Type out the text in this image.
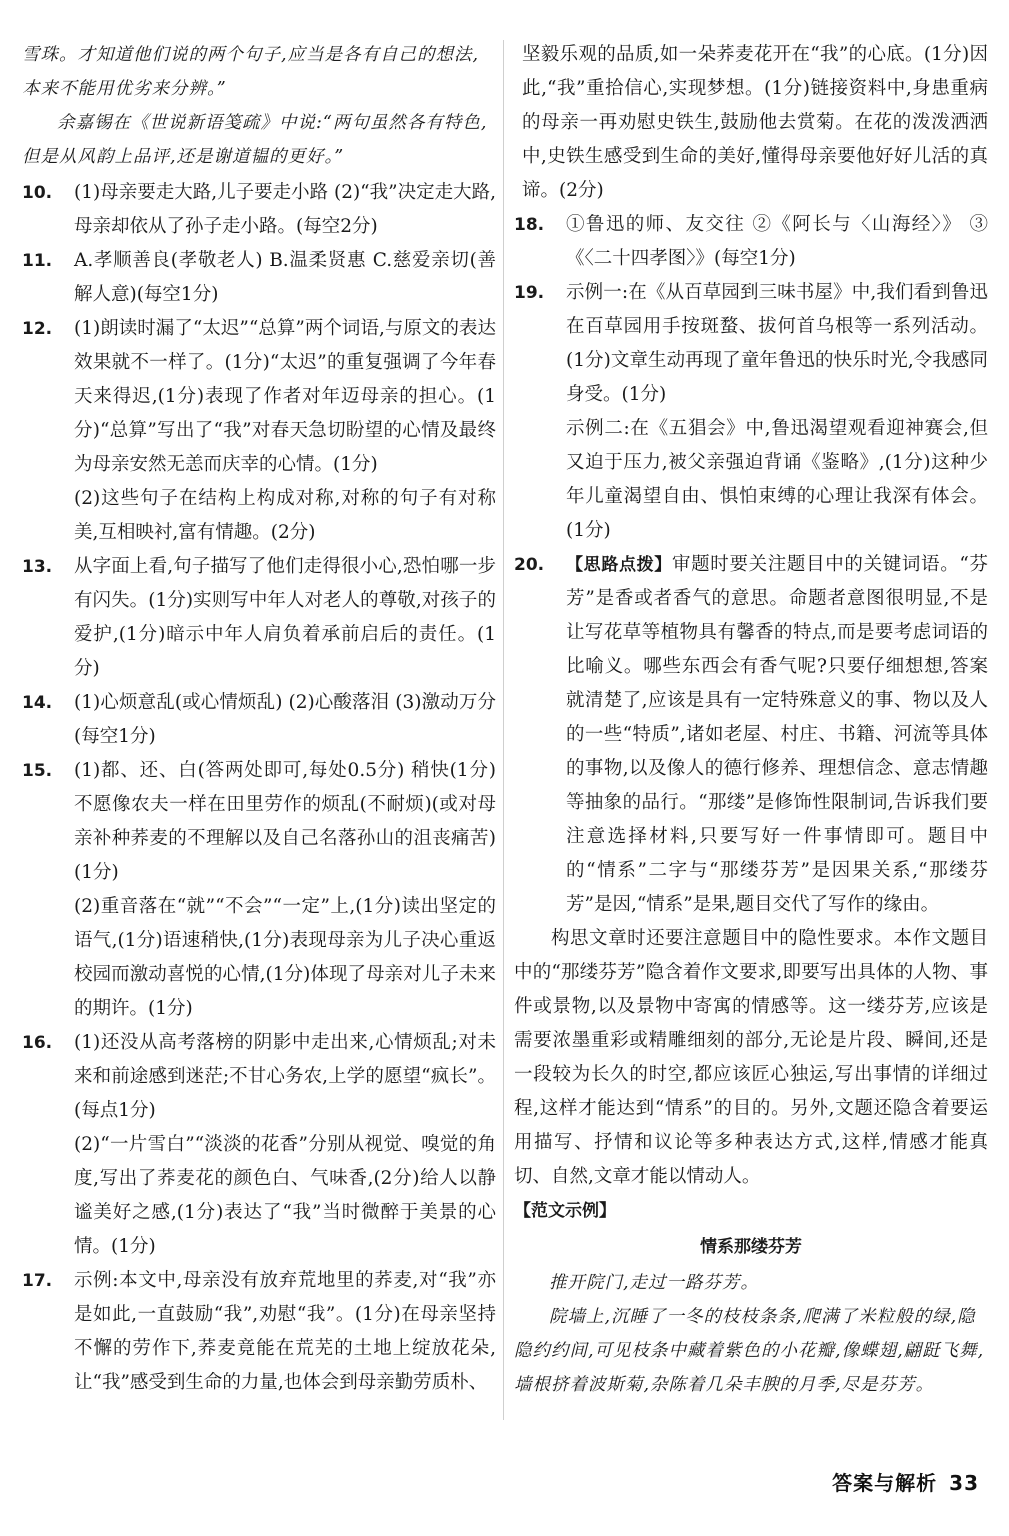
雪珠。才知道他们说的两个句子,应当是各有自己的想法,本来不能用优劣来分辨。”

余嘉锡在《世说新语笺疏》中说:“两句虽然各有特色,但是从风韵上品评,还是谢道韫的更好。”

10.	(1)母亲要走大路,儿子要走小路 (2)“我”决定走大路,母亲却依从了孙子走小路。(每空2分)

11.	A.孝顺善良(孝敬老人) B.温柔贤惠 C.慈爱亲切(善解人意)(每空1分)

12.	(1)朗读时漏了“太迟”“总算”两个词语,与原文的表达效果就不一样了。(1分)“太迟”的重复强调了今年春天来得迟,(1分)表现了作者对年迈母亲的担心。(1分)“总算”写出了“我”对春天急切盼望的心情及最终为母亲安然无恙而庆幸的心情。(1分)

(2)这些句子在结构上构成对称,对称的句子有对称美,互相映衬,富有情趣。(2分)

13.	从字面上看,句子描写了他们走得很小心,恐怕哪一步有闪失。(1分)实则写中年人对老人的尊敬,对孩子的爱护,(1分)暗示中年人肩负着承前启后的责任。(1分)

14.	(1)心烦意乱(或心情烦乱) (2)心酸落泪 (3)激动万分(每空1分)

15.	(1)都、还、白(答两处即可,每处0.5分) 稍快(1分) 不愿像农夫一样在田里劳作的烦乱(不耐烦)(或对母亲补种荞麦的不理解以及自己名落孙山的沮丧痛苦)(1分)

(2)重音落在“就”“不会”“一定”上,(1分)读出坚定的语气,(1分)语速稍快,(1分)表现母亲为儿子决心重返校园而激动喜悦的心情,(1分)体现了母亲对儿子未来的期许。(1分)

16.	(1)还没从高考落榜的阴影中走出来,心情烦乱;对未来和前途感到迷茫;不甘心务农,上学的愿望“疯长”。(每点1分)

(2)“一片雪白”“淡淡的花香”分别从视觉、嗅觉的角度,写出了荞麦花的颜色白、气味香,(2分)给人以静谧美好之感,(1分)表达了“我”当时微醉于美景的心情。(1分)

17.	示例:本文中,母亲没有放弃荒地里的荞麦,对“我”亦是如此,一直鼓励“我”,劝慰“我”。(1分)在母亲坚持不懈的劳作下,荞麦竟能在荒芜的土地上绽放花朵,让“我”感受到生命的力量,也体会到母亲勤劳质朴、

坚毅乐观的品质,如一朵荞麦花开在“我”的心底。(1分)因此,“我”重拾信心,实现梦想。(1分)链接资料中,身患重病的母亲一再劝慰史铁生,鼓励他去赏菊。在花的泼泼洒洒中,史铁生感受到生命的美好,懂得母亲要他好好儿活的真谛。(2分)

18.	①鲁迅的师、友交往 ②《阿长与〈山海经〉》 ③《〈二十四孝图〉》(每空1分)

19.	示例一:在《从百草园到三味书屋》中,我们看到鲁迅在百草园用手按斑蝥、拔何首乌根等一系列活动。(1分)文章生动再现了童年鲁迅的快乐时光,令我感同身受。(1分)

示例二:在《五猖会》中,鲁迅渴望观看迎神赛会,但又迫于压力,被父亲强迫背诵《鉴略》,(1分)这种少年儿童渴望自由、惧怕束缚的心理让我深有体会。(1分)

20.	【思路点拨】审题时要关注题目中的关键词语。“芬芳”是香或者香气的意思。命题者意图很明显,不是让写花草等植物具有馨香的特点,而是要考虑词语的比喻义。哪些东西会有香气呢?只要仔细想想,答案就清楚了,应该是具有一定特殊意义的事、物以及人的一些“特质”,诸如老屋、村庄、书籍、河流等具体的事物,以及像人的德行修养、理想信念、意志情趣等抽象的品行。“那缕”是修饰性限制词,告诉我们要注意选择材料,只要写好一件事情即可。题目中的“情系”二字与“那缕芬芳”是因果关系,“那缕芬芳”是因,“情系”是果,题目交代了写作的缘由。

构思文章时还要注意题目中的隐性要求。本作文题目中的“那缕芬芳”隐含着作文要求,即要写出具体的人物、事件或景物,以及景物中寄寓的情感等。这一缕芬芳,应该是需要浓墨重彩或精雕细刻的部分,无论是片段、瞬间,还是一段较为长久的时空,都应该匠心独运,写出事情的详细过程,这样才能达到“情系”的目的。另外,文题还隐含着要运用描写、抒情和议论等多种表达方式,这样,情感才能真切、自然,文章才能以情动人。

【范文示例】
情系那缕芬芳

推开院门,走过一路芬芳。

院墙上,沉睡了一冬的枝枝条条,爬满了米粒般的绿,隐隐约约间,可见枝条中藏着紫色的小花瓣,像蝶翅,翩跹飞舞,墙根挤着波斯菊,杂陈着几朵丰腴的月季,尽是芬芳。

答案与解析 33
